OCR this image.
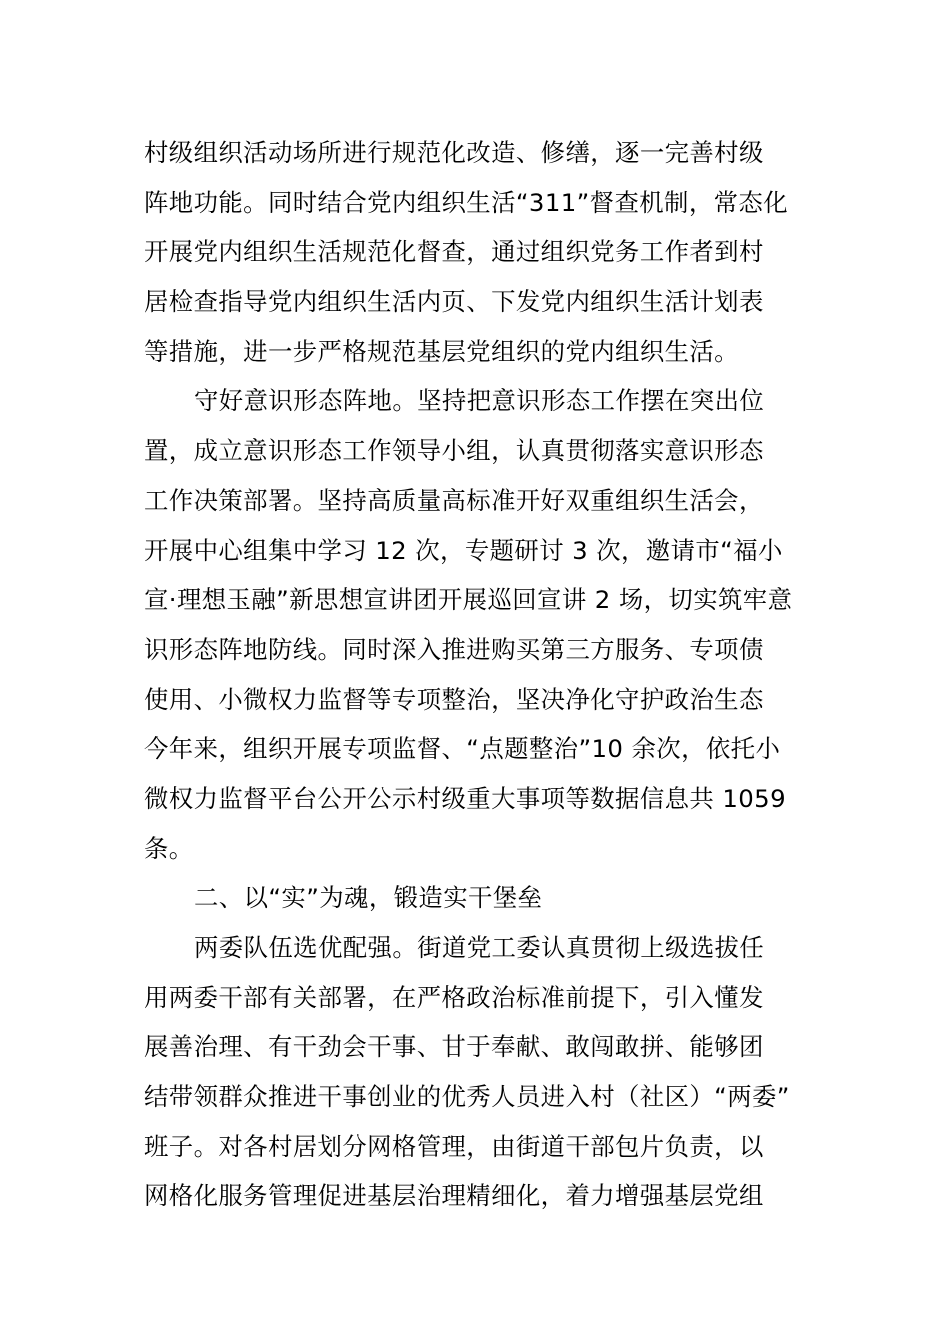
村级组织活动场所进行规范化改造、修缮，逐一完善村级
阵地功能。同时结合党内组织生活“311”督查机制，常态化
开展党内组织生活规范化督查，通过组织党务工作者到村
居检查指导党内组织生活内页、下发党内组织生活计划表
等措施，进一步严格规范基层党组织的党内组织生活。
守好意识形态阵地。坚持把意识形态工作摆在突出位
置，成立意识形态工作领导小组，认真贯彻落实意识形态
工作决策部署。坚持高质量高标准开好双重组织生活会，
开展中心组集中学习 12 次，专题研讨 3 次，邀请市“福小
宣·理想玉融”新思想宣讲团开展巡回宣讲 2 场，切实筑牢意
识形态阵地防线。同时深入推进购买第三方服务、专项债
使用、小微权力监督等专项整治，坚决净化守护政治生态
今年来，组织开展专项监督、“点题整治”10 余次，依托小
微权力监督平台公开公示村级重大事项等数据信息共 1059
条。
二、以“实”为魂，锻造实干堡垒
两委队伍选优配强。街道党工委认真贯彻上级选拔任
用两委干部有关部署，在严格政治标准前提下，引入懂发
展善治理、有干劲会干事、甘于奉献、敢闯敢拼、能够团
结带领群众推进干事创业的优秀人员进入村（社区）“两委”
班子。对各村居划分网格管理，由街道干部包片负责，以
网格化服务管理促进基层治理精细化，着力增强基层党组
